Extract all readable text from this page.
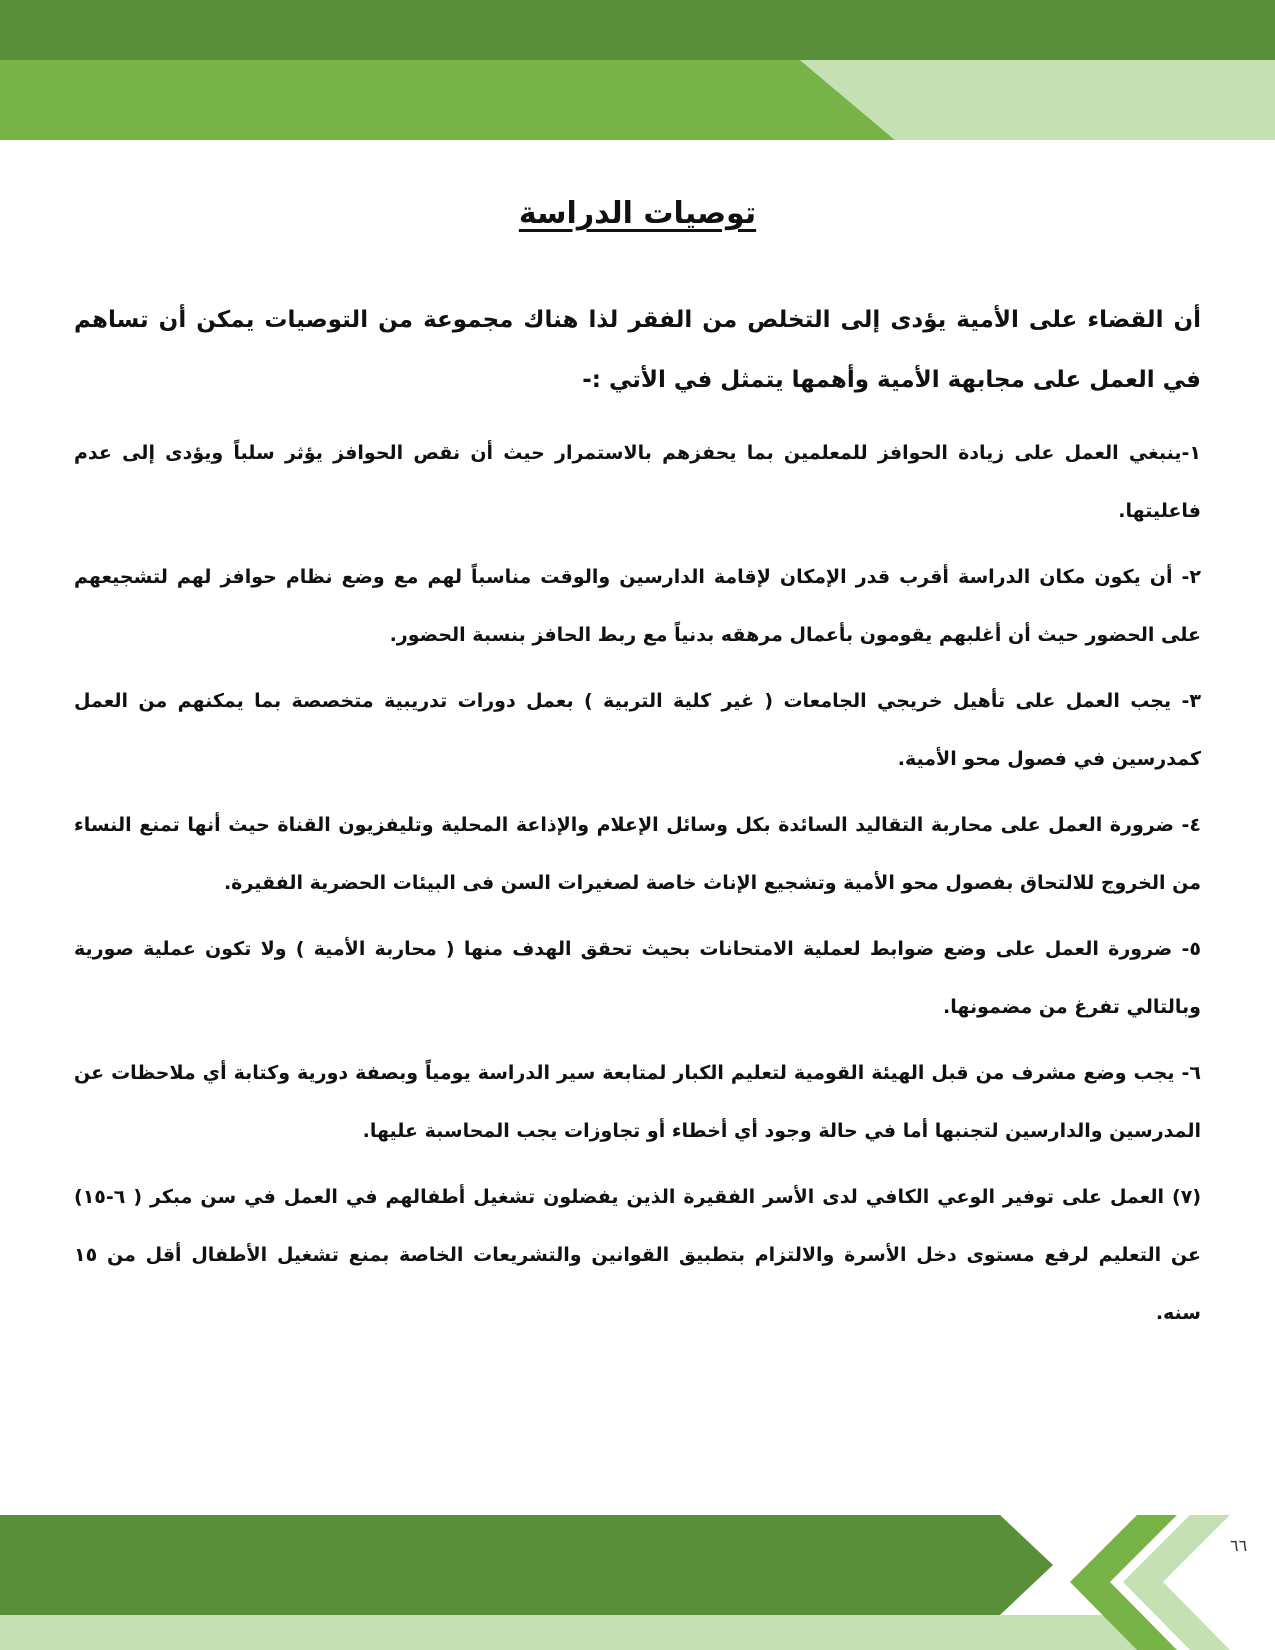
٦٦
توصيات الدراسة

أن القضاء على الأمية يؤدى إلى التخلص من الفقر لذا هناك مجموعة من التوصيات يمكن أن تساهم في العمل على مجابهة الأمية وأهمها يتمثل في الأتي :-

١-ينبغي العمل على زيادة الحوافز للمعلمين بما يحفزهم بالاستمرار حيث أن نقص الحوافز يؤثر سلباً ويؤدى إلى عدم فاعليتها.

٢- أن يكون مكان الدراسة أقرب قدر الإمكان لإقامة الدارسين والوقت مناسباً لهم مع وضع نظام حوافز لهم لتشجيعهم على الحضور حيث أن أغلبهم يقومون بأعمال مرهقه بدنياً مع ربط الحافز بنسبة الحضور.

٣- يجب العمل على تأهيل خريجي الجامعات ( غير كلية التربية ) بعمل دورات تدريبية متخصصة بما يمكنهم من العمل كمدرسين في فصول محو الأمية.

٤- ضرورة العمل على محاربة التقاليد السائدة بكل وسائل الإعلام والإذاعة المحلية وتليفزيون القناة حيث أنها تمنع النساء من الخروج للالتحاق بفصول محو الأمية وتشجيع الإناث خاصة لصغيرات السن فى البيئات الحضرية الفقيرة.

٥- ضرورة العمل على وضع ضوابط لعملية الامتحانات بحيث تحقق الهدف منها ( محاربة الأمية ) ولا تكون عملية صورية وبالتالي تفرغ من مضمونها.

٦- يجب وضع مشرف من قبل الهيئة القومية لتعليم الكبار لمتابعة سير الدراسة يومياً وبصفة دورية وكتابة أي ملاحظات عن المدرسين والدارسين لتجنبها أما في حالة وجود أي أخطاء أو تجاوزات يجب المحاسبة عليها.

(٧) العمل على توفير الوعي الكافي لدى الأسر الفقيرة الذين يفضلون تشغيل أطفالهم في العمل في سن مبكر ( ٦-١٥) عن التعليم لرفع مستوى دخل الأسرة والالتزام بتطبيق القوانين والتشريعات الخاصة بمنع تشغيل الأطفال أقل من ١٥ سنه.
